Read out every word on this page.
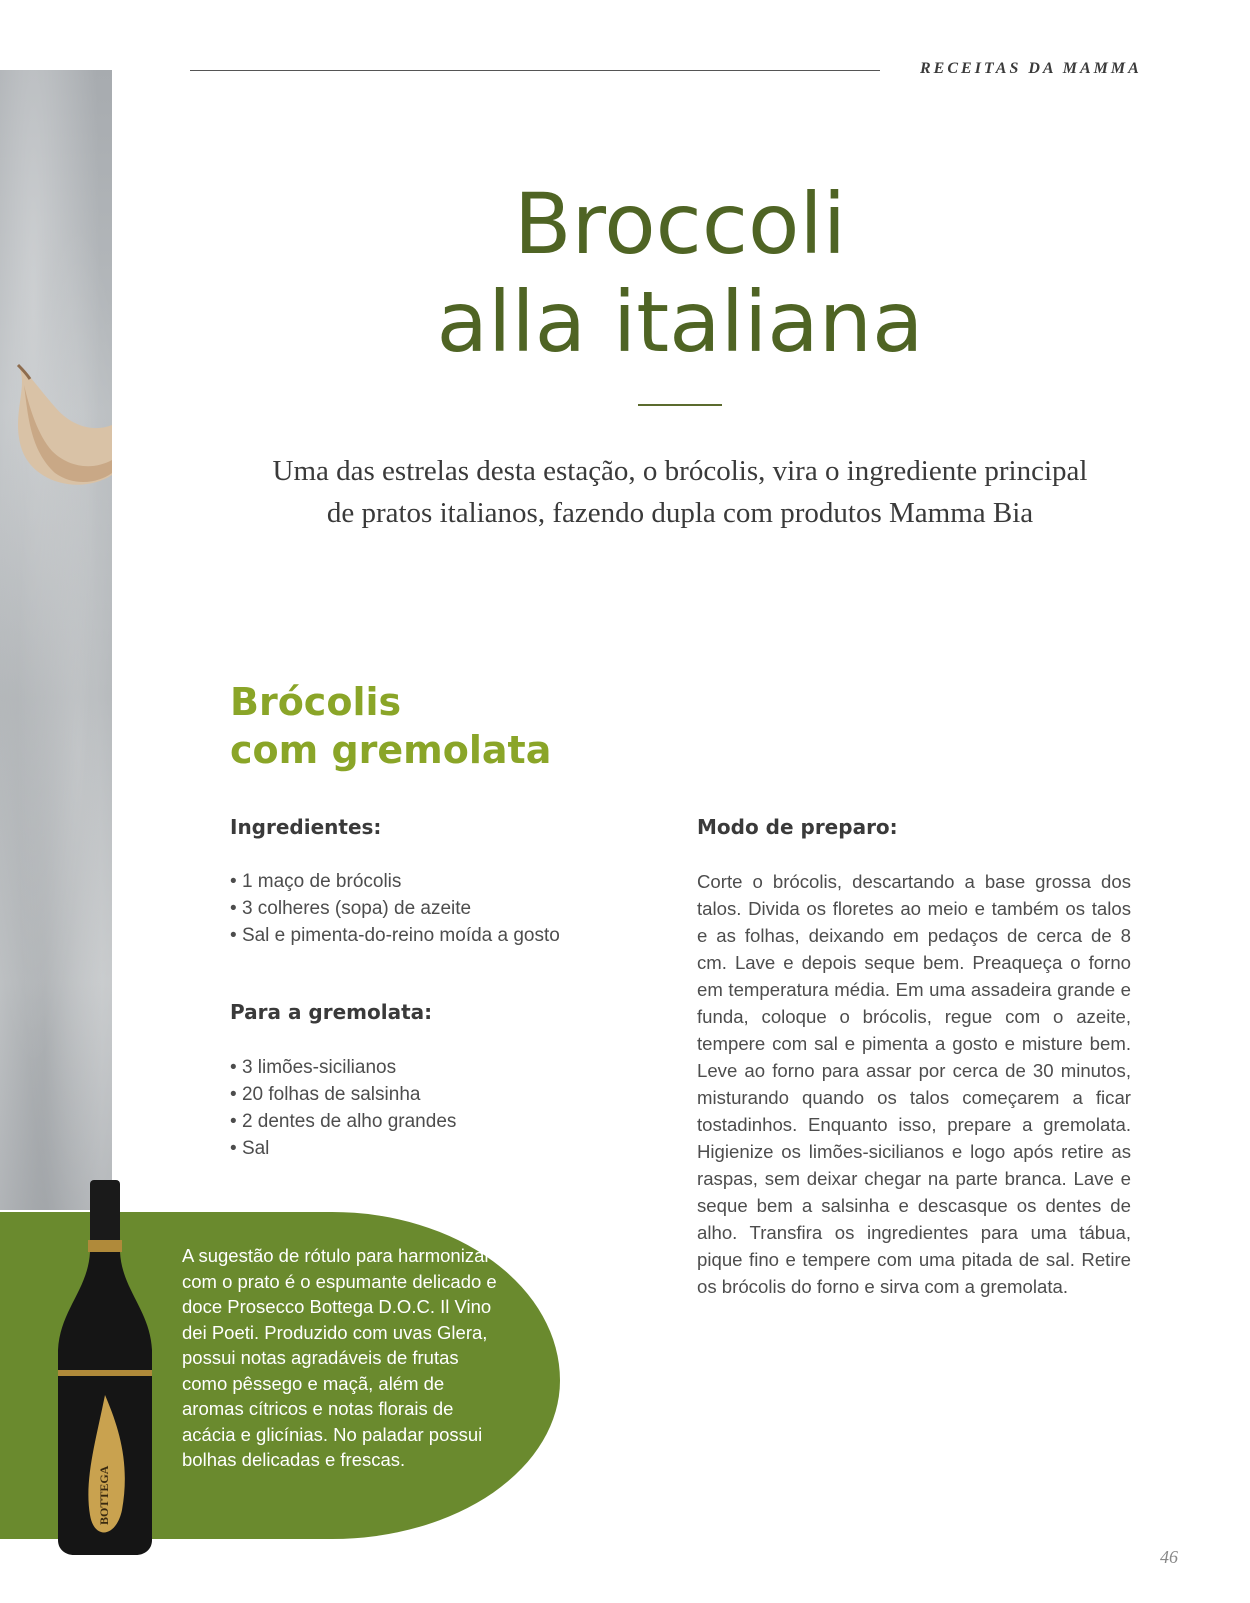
RECEITAS DA MAMMA
Broccoli
alla italiana

Uma das estrelas desta estação, o brócolis, vira o ingrediente principal de pratos italianos, fazendo dupla com produtos Mamma Bia

Brócolis
com gremolata
Ingredientes:
• 1 maço de brócolis
• 3 colheres (sopa) de azeite
• Sal e pimenta-do-reino moída a gosto
Para a gremolata:
• 3 limões-sicilianos
• 20 folhas de salsinha
• 2 dentes de alho grandes
• Sal
Modo de preparo:

Corte o brócolis, descartando a base grossa dos talos. Divida os floretes ao meio e também os talos e as folhas, deixando em pedaços de cerca de 8 cm. Lave e depois seque bem. Preaqueça o forno em temperatura média. Em uma assadeira grande e funda, coloque o brócolis, regue com o azeite, tempere com sal e pimenta a gosto e misture bem. Leve ao forno para assar por cerca de 30 minutos, misturando quando os talos começarem a ficar tostadinhos. Enquanto isso, prepare a gremolata. Higienize os limões-sicilianos e logo após retire as raspas, sem deixar chegar na parte branca. Lave e seque bem a salsinha e descasque os dentes de alho. Transfira os ingredientes para uma tábua, pique fino e tempere com uma pitada de sal. Retire os brócolis do forno e sirva com a gremolata.

A sugestão de rótulo para harmonizar com o prato é o espumante delicado e doce Prosecco Bottega D.O.C. Il Vino dei Poeti. Produzido com uvas Glera, possui notas agradáveis de frutas como pêssego e maçã, além de aromas cítricos e notas florais de acácia e glicínias. No paladar possui bolhas delicadas e frescas.

BOTTEGA
46
